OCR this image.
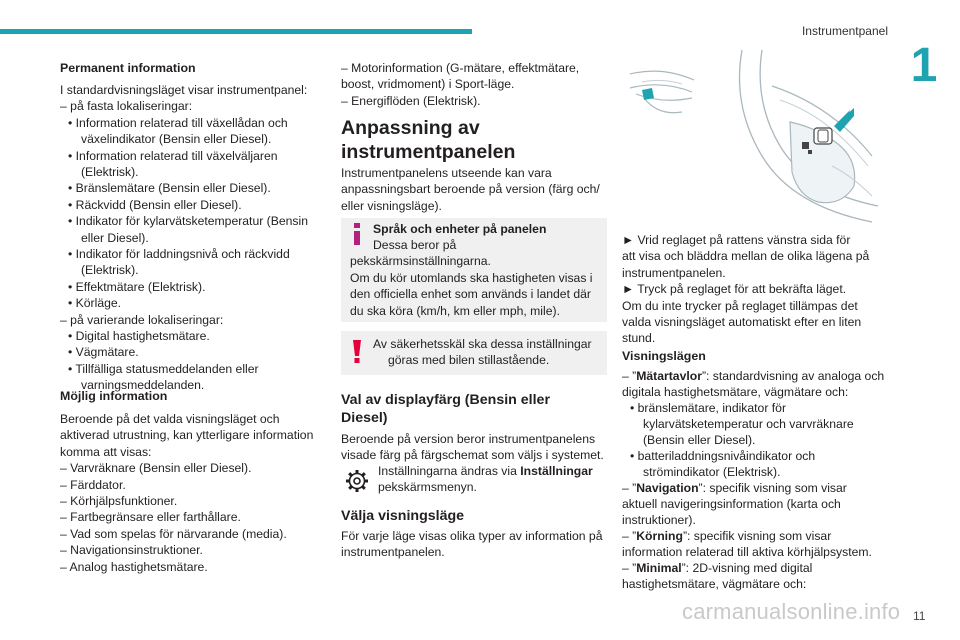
Instrumentpanel
1
Permanent information
I standardvisningsläget visar instrumentpanel:
– på fasta lokaliseringar:
• Information relaterad till växellådan och
växelindikator (Bensin eller Diesel).
• Information relaterad till växelväljaren
(Elektrisk).
• Bränslemätare (Bensin eller Diesel).
• Räckvidd (Bensin eller Diesel).
• Indikator för kylarvätsketemperatur (Bensin
eller Diesel).
• Indikator för laddningsnivå och räckvidd
(Elektrisk).
• Effektmätare (Elektrisk).
• Körläge.
– på varierande lokaliseringar:
• Digital hastighetsmätare.
• Vägmätare.
• Tillfälliga statusmeddelanden eller
varningsmeddelanden.
Möjlig information
Beroende på det valda visningsläget och
aktiverad utrustning, kan ytterligare information
komma att visas:
– Varvräknare (Bensin eller Diesel).
– Färddator.
– Körhjälpsfunktioner.
– Fartbegränsare eller farthållare.
– Vad som spelas för närvarande (media).
– Navigationsinstruktioner.
– Analog hastighetsmätare.
– Motorinformation (G-mätare, effektmätare,
boost, vridmoment) i Sport-läge.
– Energiflöden (Elektrisk).
Anpassning av
instrumentpanelen
Instrumentpanelens utseende kan vara
anpassningsbart beroende på version (färg och/
eller visningsläge).
Språk och enheter på panelen
Dessa beror på
pekskärmsinställningarna.
Om du kör utomlands ska hastigheten visas i
den officiella enhet som används i landet där
du ska köra (km/h, km eller mph, mile).
Av säkerhetsskäl ska dessa inställningar
göras med bilen stillastående.
Val av displayfärg (Bensin eller
Diesel)
Beroende på version beror instrumentpanelens
visade färg på färgschemat som väljs i systemet.
Inställningarna ändras via Inställningar
pekskärmsmenyn.
Välja visningsläge
För varje läge visas olika typer av information på
instrumentpanelen.
► Vrid reglaget på rattens vänstra sida för
att visa och bläddra mellan de olika lägena på
instrumentpanelen.
► Tryck på reglaget för att bekräfta läget.
Om du inte trycker på reglaget tillämpas det
valda visningsläget automatiskt efter en liten
stund.
Visningslägen
– ”Mätartavlor”: standardvisning av analoga och
digitala hastighetsmätare, vägmätare och:
• bränslemätare, indikator för
kylarvätsketemperatur och varvräknare
(Bensin eller Diesel).
• batteriladdningsnivåindikator och
strömindikator (Elektrisk).
– ”Navigation”: specifik visning som visar
aktuell navigeringsinformation (karta och
instruktioner).
– ”Körning”: specifik visning som visar
information relaterad till aktiva körhjälpsystem.
– ”Minimal”: 2D-visning med digital
hastighetsmätare, vägmätare och:
carmanualsonline.info 11
